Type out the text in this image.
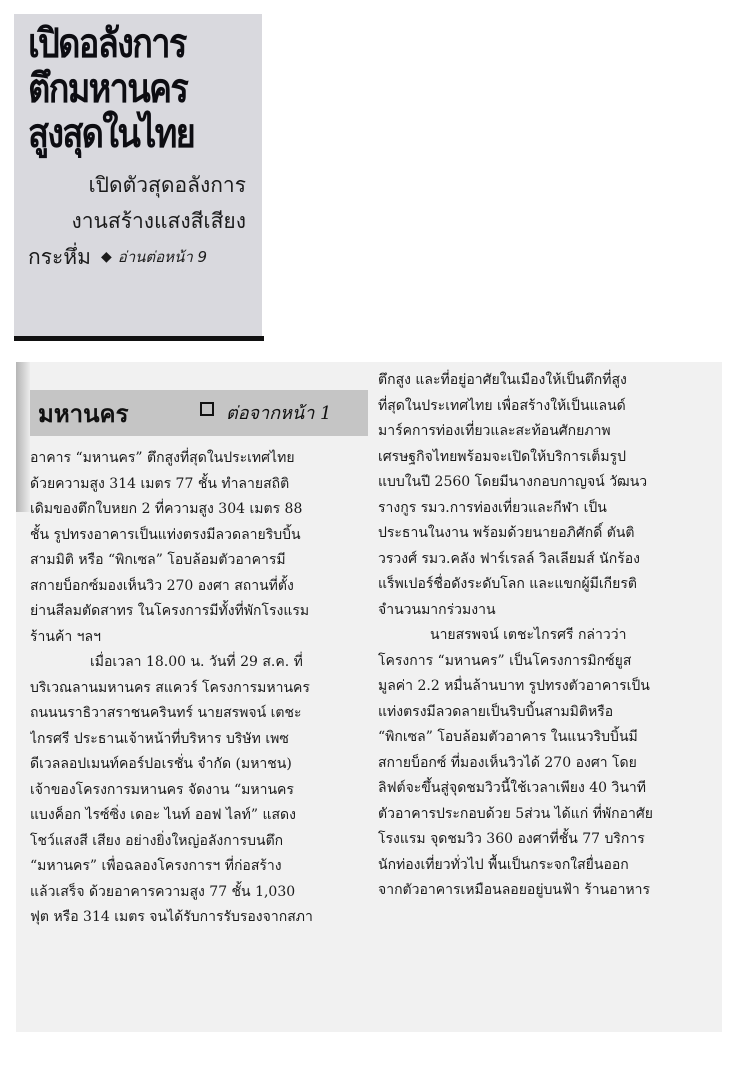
เปิดอลังการ
ตึกมหานคร
สูงสุดในไทย
เปิดตัวสุดอลังการ
งานสร้างแสงสีเสียง
กระหึ่ม ◆ อ่านต่อหน้า 9
มหานคร	ต่อจากหน้า 1
อาคาร “มหานคร” ตึกสูงที่สุดในประเทศไทย
ด้วยความสูง 314 เมตร 77 ชั้น ทำลายสถิติ
เดิมของตึกใบหยก 2 ที่ความสูง 304 เมตร 88
ชั้น รูปทรงอาคารเป็นแท่งตรงมีลวดลายริบบิ้น
สามมิติ หรือ “พิกเซล” โอบล้อมตัวอาคารมี
สกายบ็อกซ์มองเห็นวิว 270 องศา สถานที่ตั้ง
ย่านสีลมตัดสาทร ในโครงการมีทั้งที่พักโรงแรม
ร้านค้า ฯลฯ
เมื่อเวลา 18.00 น. วันที่ 29 ส.ค. ที่
บริเวณลานมหานคร สแควร์ โครงการมหานคร
ถนนนราธิวาสราชนครินทร์ นายสรพจน์ เตชะ
ไกรศรี ประธานเจ้าหน้าที่บริหาร บริษัท เพซ
ดีเวลลอปเมนท์คอร์ปอเรชั่น จำกัด (มหาชน)
เจ้าของโครงการมหานคร จัดงาน “มหานคร
แบงค็อก ไรซ์ซิ่ง เดอะ ไนท์ ออฟ ไลท์” แสดง
โชว์แสงสี เสียง อย่างยิ่งใหญ่อลังการบนตึก
“มหานคร” เพื่อฉลองโครงการฯ ที่ก่อสร้าง
แล้วเสร็จ ด้วยอาคารความสูง 77 ชั้น 1,030
ฟุต หรือ 314 เมตร จนได้รับการรับรองจากสภา
ตึกสูง และที่อยู่อาศัยในเมืองให้เป็นตึกที่สูง
ที่สุดในประเทศไทย เพื่อสร้างให้เป็นแลนด์
มาร์คการท่องเที่ยวและสะท้อนศักยภาพ
เศรษฐกิจไทยพร้อมจะเปิดให้บริการเต็มรูป
แบบในปี 2560 โดยมีนางกอบกาญจน์ วัฒนว
รางกูร รมว.การท่องเที่ยวและกีฬา เป็น
ประธานในงาน พร้อมด้วยนายอภิศักดิ์ ตันติ
วรวงศ์ รมว.คลัง ฟาร์เรลล์ วิลเลียมส์ นักร้อง
แร็พเปอร์ชื่อดังระดับโลก และแขกผู้มีเกียรติ
จำนวนมากร่วมงาน
นายสรพจน์ เตชะไกรศรี กล่าวว่า
โครงการ “มหานคร” เป็นโครงการมิกซ์ยูส
มูลค่า 2.2 หมื่นล้านบาท รูปทรงตัวอาคารเป็น
แท่งตรงมีลวดลายเป็นริบบิ้นสามมิติหรือ
“พิกเซล” โอบล้อมตัวอาคาร ในแนวริบบิ้นมี
สกายบ็อกซ์ ที่มองเห็นวิวได้ 270 องศา โดย
ลิฟต์จะขึ้นสู่จุดชมวิวนี้ใช้เวลาเพียง 40 วินาที
ตัวอาคารประกอบด้วย 5ส่วน ได้แก่ ที่พักอาศัย
โรงแรม จุดชมวิว 360 องศาที่ชั้น 77 บริการ
นักท่องเที่ยวทั่วไป พื้นเป็นกระจกใสยื่นออก
จากตัวอาคารเหมือนลอยอยู่บนฟ้า ร้านอาหาร
